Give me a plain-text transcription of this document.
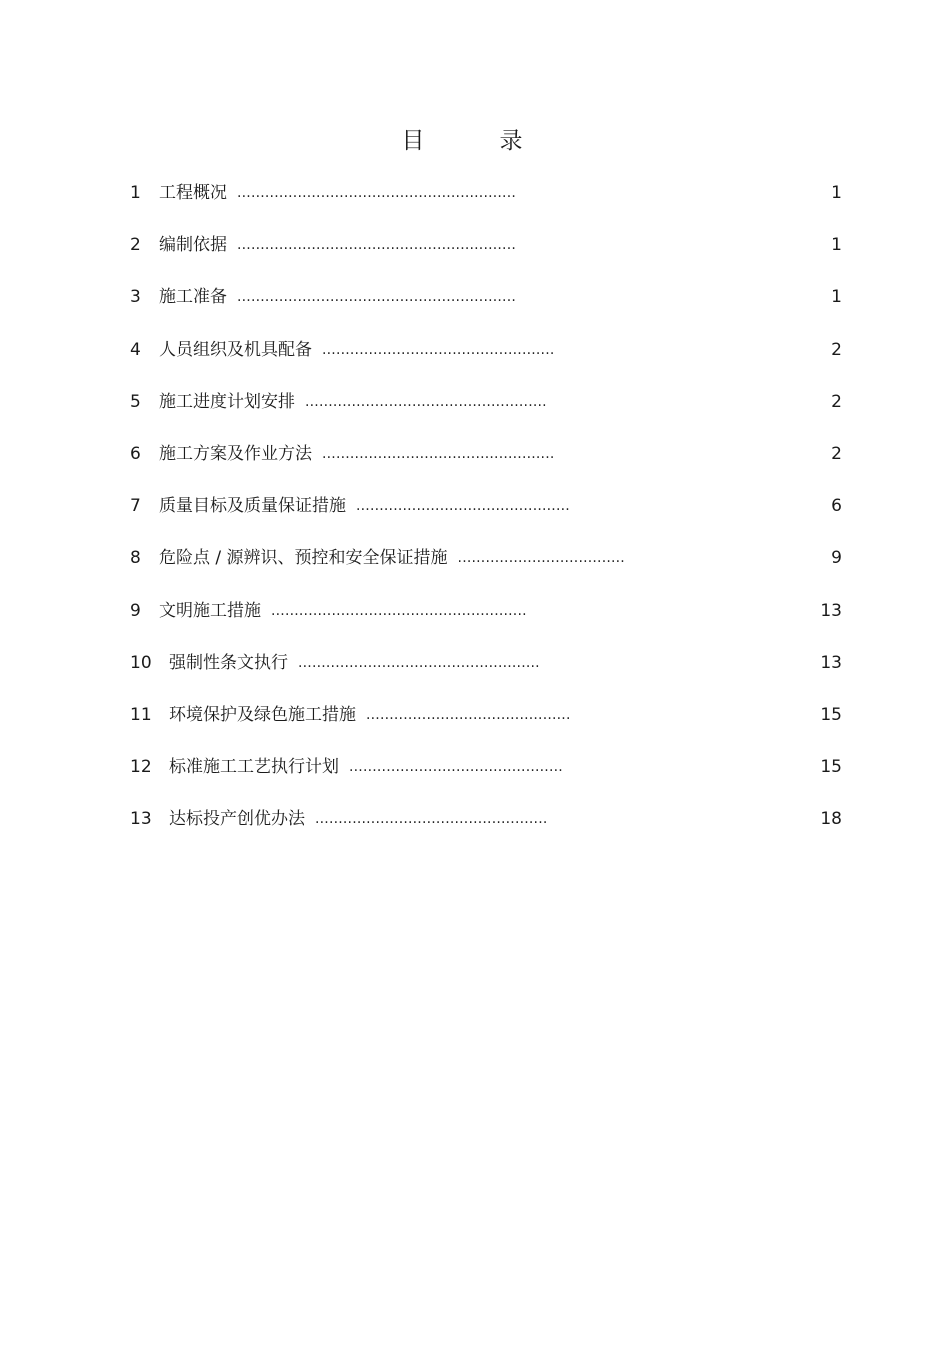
目　录
1	工程概况 ............................................................	1
2	编制依据 ............................................................	1
3	施工准备 ............................................................	1
4	人员组织及机具配备 ..................................................	2
5	施工进度计划安排 ....................................................	2
6	施工方案及作业方法 ..................................................	2
7	质量目标及质量保证措施 ..............................................	6
8	危险点 / 源辨识、预控和安全保证措施 ....................................	9
9	文明施工措施 .......................................................	13
10	强制性条文执行 ....................................................	13
11	环境保护及绿色施工措施 ............................................	15
12	标准施工工艺执行计划 ..............................................	15
13	达标投产创优办法 ..................................................	18
